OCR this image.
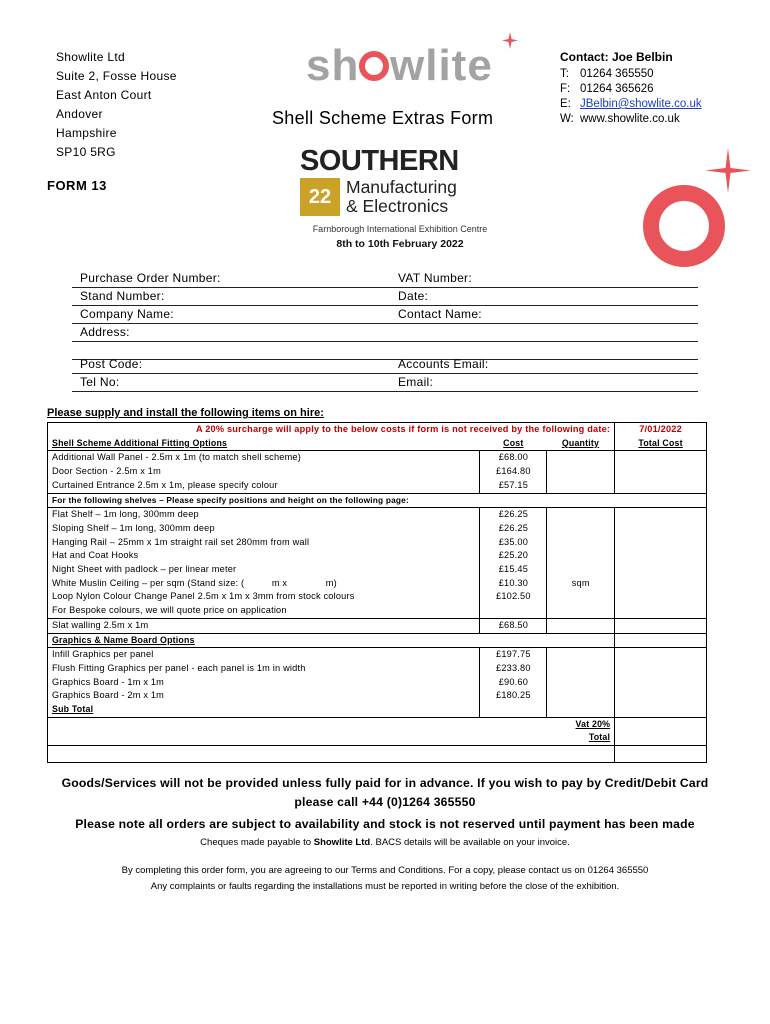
Showlite Ltd
Suite 2, Fosse House
East Anton Court
Andover
Hampshire
SP10 5RG
sh wlite
Shell Scheme Extras Form
Contact: Joe Belbin
T: 01264 365550
F: 01264 365626
E: JBelbin@showlite.co.uk
W: www.showlite.co.uk
FORM 13
SOUTHERN
22 Manufacturing
& Electronics
Farnborough International Exhibition Centre
8th to 10th February 2022
Purchase Order Number:	VAT Number:
Stand Number:	Date:
Company Name:	Contact Name:
Address:
Post Code:	Accounts Email:
Tel No:	Email:
Please supply and install the following items on hire:
A 20% surcharge will apply to the below costs if form is not received by the following date:			7/01/2022
Shell Scheme Additional Fitting Options	Cost	Quantity	Total Cost
Additional Wall Panel - 2.5m x 1m (to match shell scheme)	£68.00		
Door Section - 2.5m x 1m	£164.80		
Curtained Entrance 2.5m x 1m, please specify colour	£57.15		
For the following shelves – Please specify positions and height on the following page:			
Flat Shelf – 1m long, 300mm deep	£26.25		
Sloping Shelf – 1m long, 300mm deep	£26.25		
Hanging Rail – 25mm x 1m straight rail set 280mm from wall	£35.00		
Hat and Coat Hooks	£25.20		
Night Sheet with padlock – per linear meter	£15.45		
White Muslin Ceiling – per sqm (Stand size: (          m x              m)	£10.30	sqm	
Loop Nylon Colour Change Panel 2.5m x 1m x 3mm from stock colours	£102.50		
For Bespoke colours, we will quote price on application			
Slat walling 2.5m x 1m	£68.50		
Graphics & Name Board Options			
Infill Graphics per panel	£197.75		
Flush Fitting Graphics per panel - each panel is 1m in width	£233.80		
Graphics Board - 1m x 1m	£90.60		
Graphics Board - 2m x 1m	£180.25		
Sub Total			
Vat 20%			
Total			

Goods/Services will not be provided unless fully paid for in advance. If you wish to pay by Credit/Debit Card
please call +44 (0)1264 365550
Please note all orders are subject to availability and stock is not reserved until payment has been made
Cheques made payable to Showlite Ltd. BACS details will be available on your invoice.
By completing this order form, you are agreeing to our Terms and Conditions. For a copy, please contact us on 01264 365550
Any complaints or faults regarding the installations must be reported in writing before the close of the exhibition.
